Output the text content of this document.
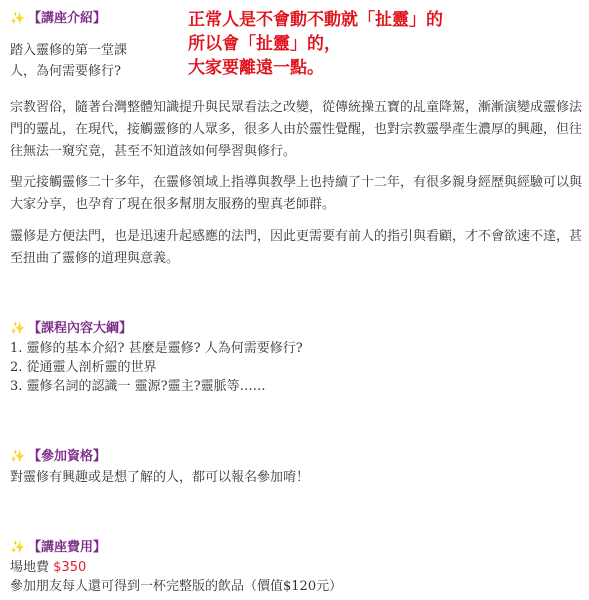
✨ 【講座介紹】
踏入靈修的第一堂課
人，為何需要修行?
正常人是不會動不動就「扯靈」的
所以會「扯靈」的，
大家要離遠一點。
宗教習俗，隨著台灣整體知識提升與民眾看法之改變，從傳統操五寶的乩童降駕，漸漸演變成靈修法門的靈乩，在現代，接觸靈修的人眾多，很多人由於靈性覺醒，也對宗教靈學產生濃厚的興趣，但往往無法一窺究竟，甚至不知道該如何學習與修行。
聖元接觸靈修二十多年，在靈修領域上指導與教學上也持續了十二年，有很多親身經歷與經驗可以與大家分享，也孕育了現在很多幫朋友服務的聖真老師群。
靈修是方便法門，也是迅速升起感應的法門，因此更需要有前人的指引與看顧，才不會欲速不達，甚至扭曲了靈修的道理與意義。
✨ 【課程內容大綱】
1. 靈修的基本介紹? 甚麼是靈修? 人為何需要修行?
2. 從通靈人剖析靈的世界
3. 靈修名詞的認識一 靈源?靈主?靈脈等……
✨ 【參加資格】
對靈修有興趣或是想了解的人，都可以報名參加唷！
✨ 【講座費用】
場地費 $350
參加朋友每人還可得到一杯完整版的飲品（價值$120元）
